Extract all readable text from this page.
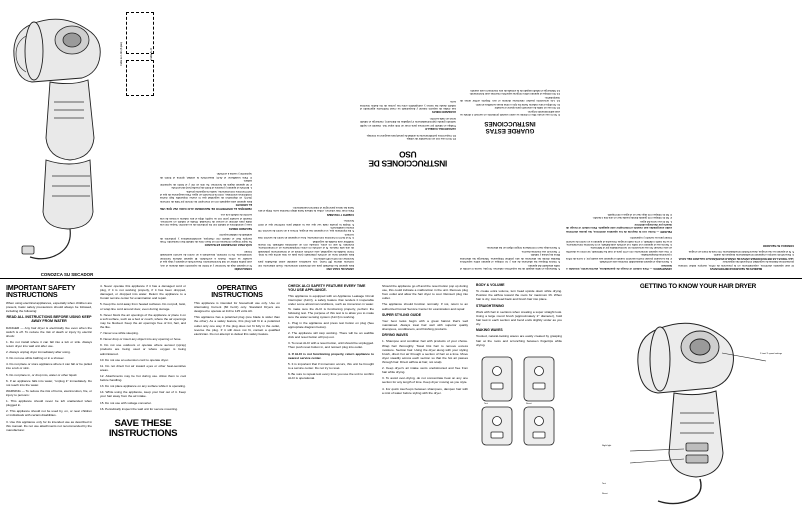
Cable de 1.8m (6 pies)	Cable ALCI
CONCLUSIÓN
Si el aparato deja de funcionar y el botón de reposición salta durante el uso, esto podría indicar un mal funcionamiento. Desenchufe el aparato y deje que el secador se enfríe. Vuelva a enchufarlo. El aparato debería funcionar normalmente. De lo contrario, devuélvalo a un centro de servicio autorizado Conair.
GUÍA PARA UN PEINADO ESTILIZADO
Su mejor imagen comienza con un buen corte de cabello bien mantenido. Trate siempre bien el cabello con champús, acondicionadores y productos de acabado de calidad superior.
SECANDO ONDAS
Lave y acondicione el cabello con los productos de su elección. Seque con una toalla para eliminar el exceso de humedad. Divida el cabello en secciones. Usando el secador junto con su cepillo, dirija el aire caliente a través de una sección de cabello a la vez.
VERIFIQUE EL DISPOSITIVO DE SEGURIDAD ALCI CADA VEZ QUE USE EL APARATO
Este aparato está equipado con un interruptor de circuito por falla de corriente (ALCI), un dispositivo de seguridad que lo vuelve inoperable bajo ciertas condiciones anormales, como la inmersión en agua. Para asegurarse de que el ALCI funcione correctamente, realice la siguiente prueba.
1. Enchufe el aparato y presione el botón de prueba (test) del enchufe.
2. El aparato dejará de funcionar. Se oirá un clic y el botón de reposición saltará.
3. Para restablecer el ALCI, desenchufe la unidad, oprima el botón de reposición y vuelva a enchufar.
ANTES DE CADA USO
Este aparato fue diseñado para uso doméstico únicamente. Úselo solamente con corriente alterna (60 hertz). Los secadores estándar están diseñados para funcionar con 110 a 125 voltios CA.
Este aparato tiene un enchufe polarizado (una pata es más ancha que la otra). Como medida de seguridad, este enchufe entrará en el tomacorriente polarizado de una sola manera. Si el enchufe no entra completamente en el tomacorriente, inviértalo. Si aún no entra, consulte con un electricista calificado. No intente modificar esta medida de seguridad.
4. Si el ALCI no funciona correctamente, lleve el aparato al centro de servicio más cercano.
5. Es importante que, si el aparato cae al agua, lo lleve a un centro de servicio. No intente restablecerlo.
6. Repita la prueba cada vez que use la unidad para confirmar que el ALCI funcione.
CUERPO Y VOLUMEN
Para crear más volumen, voltee la cabeza hacia abajo mientras seca. Dirija el aire hacia las raíces para lograr el máximo levantamiento.
INSTRUCCIONES DE USO
15. No lo use con un convertidor de voltaje.
16. Inspeccione periódicamente la unidad de pared para asegurar su montaje.
ALISADO DEL CABELLO
Trabaje el cabello por secciones para crear un look súper liso. Usando un cepillo redondo grande (aproximadamente 2 pulgadas de diámetro), mantenga el cabello tenso en cada sección.
HACIENDO ONDAS
Las ondas de aspecto natural y despeinado se crean fácilmente agarrando el cabello desde las raíces y estrujándolo entre las yemas de los dedos mientras seca.
GUARDE ESTAS INSTRUCCIONES
9. No lo use al aire libre ni donde se estén usando productos en aerosol o donde se esté administrando oxígeno.
10. No use un cable de extensión para operar el secador.
11. No dirija el aire caliente hacia los ojos u otras áreas sensibles al calor.
12. Los accesorios pueden calentarse durante el uso. Déjelos enfriar antes de manipularlos.
13. No coloque el aparato sobre ninguna superficie mientras esté funcionando.
14. Mantenga el cabello alejado de la entrada de aire mientras lo esté usando.
5. Mantenga el cable alejado de las superficies calientes. No jale, tuerza ni enrolle el cable alrededor del aparato.
6. Nunca bloquee las aberturas de aire y no coloque el aparato sobre superficies blandas donde las aberturas de aire podrían bloquearse. Mantenga las aberturas libres de pelusa y cabello.
7. Nunca lo use mientras duerme.
8. Nunca deje caer ni introduzca ningún objeto en las aberturas.
ADVERTENCIA — Para reducir el riesgo de quemaduras, electrocución, incendio o lesiones:
1. Nunca deje el aparato desatendido mientras esté enchufado.
2. Es necesario prestar mucha atención cuando el aparato sea usado por, o cerca de niños o personas discapacitadas.
3. Use este aparato únicamente con el fin para el cual fue fabricado, tal como se describe en este manual. No use accesorios no recomendados por el fabricante.
4. Nunca use el aparato si el cable o el enchufe está dañado, si no funciona correctamente, si se ha caído o dañado, o si ha caído al agua. Devuelva el aparato a un centro de servicio Conair para su revisión y reparación.
PELIGRO — Como con la mayoría de los aparatos eléctricos, las piezas eléctricas están energizadas aun cuando el interruptor esté apagado. Para reducir el riesgo de muerte por descarga eléctrica:
1. No lo use cerca del agua.
2. No lo coloque ni lo guarde donde pueda caer en una tina o lavabo.
3. No lo coloque ni lo deje caer en el agua u otro líquido.
MEDIDAS DE SEGURIDAD IMPORTANTES
Al usar aparatos eléctricos, especialmente en la presencia de niños, siempre deben tomarse precauciones básicas de seguridad, incluyendo las siguientes:
LEA TODAS LAS INSTRUCCIONES ANTES DE USARLO MANTÉNGALO ALEJADO DEL AGUA
4. Desenchufe siempre el aparato inmediatamente después de usarlo.
5. Si el aparato se cae al agua, desenchúfelo inmediatamente. No meta la mano en el agua.
CONOZCA SU SECADOR
IMPORTANT SAFETY INSTRUCTIONS

When using electrical appliances, especially when children are present, basic safety precautions should always be followed, including the following:

READ ALL INSTRUCTIONS BEFORE USING KEEP AWAY FROM WATER

DANGER — Any hair dryer is electrically live even when the switch is off. To reduce the risk of death or injury by electric shock:

1. Do not install where it can fall into a tub or sink. Always return dryer into wall unit after use.

2. Always unplug dryer immediately after using.

3. Do not use while bathing or in a shower.

4. Do not place or store appliance where it can fall or be pulled into a tub or sink.

5. Do not place in, or drop into, water or other liquid.

6. If an appliance falls into water, "unplug it" immediately. Do not reach into the water.

WARNING — To reduce the risk of burns, electrocution, fire, or injury to persons:

1. This appliance should never be left unattended when plugged in.

2. This appliance should not be used by, on, or near children or individuals with certain disabilities.

3. Use this appliance only for its intended use as described in this manual. Do not use attachments not recommended by the manufacturer.

4. Never operate this appliance if it has a damaged cord or plug, if it is not working properly, if it has been dropped, damaged, or dropped into water. Return the appliance to a Conair service center for examination and repair.

5. Keep the cord away from heated surfaces. Do not pull, twist, or wrap line cord around door, even during storage.

6. Never block the air openings of the appliance or place it on a soft surface, such as a bed or couch, where the air openings may be blocked. Keep the air openings free of lint, hair, and the like.

7. Never use while sleeping.

8. Never drop or insert any object into any opening or hose.

9. Do not use outdoors or operate where aerosol (spray) products are being used or where oxygen is being administered.

10. Do not use an extension cord to operate dryer.

11. Do not direct hot air toward eyes or other heat-sensitive areas.

12. Attachments may be hot during use. Allow them to cool before handling.

13. Do not place appliance on any surface while it is operating.

14. While using the appliance, keep your hair out of it. Keep your hair away from the air intake.

15. Do not use with voltage converter.

16. Periodically inspect the wall unit for secure mounting.

SAVE THESE INSTRUCTIONS
OPERATING INSTRUCTIONS

This appliance is intended for household use only. Use on Alternating Current (60 hertz) only. Standard Dryers are designed to operate at 110 to 125 volts AC.

This appliance has a polarized plug (one blade is wider than the other). As a safety feature, this plug will fit in a polarized outlet only one way. If the plug does not fit fully in the outlet, reverse the plug. If it still does not fit, contact a qualified electrician. Do not attempt to defeat this safety feature.

CHECK ALCI SAFETY FEATURE EVERY TIME YOU USE APPLIANCE.

This appliance is equipped with an Appliance Leakage Circuit Interrupter (ALCI), a safety feature that renders it inoperable under some abnormal conditions, such as immersion in water. To make sure the ALCI is functioning properly, perform the following test. The purpose of this test is to allow you to make sure the water sensing system (ALCI) is working.

1. Plug in the appliance and press test button on plug (See appropriate diagram below).

2. The appliance will stop working. There will be an audible click and reset button will pop out.

3. To reset ALCI with a reset button, until should be unplugged. Then push reset button in, and reinsert plug into outlet.

4. If ALCI is not functioning properly, return appliance to nearest service center.

5. It is important that if immersion occurs, this unit be brought to a service center. Do not try to reset.

6. Be sure to repeat test every time you use the unit to confirm ALCI is operational.

Should the appliance go off and the reset button pop up during use, this could indicate a malfunction in the unit. Remove plug from outlet and allow the hair dryer to cool. Reinsert plug into outlet.

The appliance should function normally. If not, return to an authorized Conair Service Center for examination and repair.

SUPER STYLING GUIDE

Your best looks begin with a great haircut that's well maintained. Always treat hair well with superior quality shampoos, conditioners, and finishing products.

DRYING WAVES

1. Shampoo and condition hair with products of your choice. Wrap hair thoroughly. Towel blot hair to remove excess moisture. Section hair. Using the dryer along with your styling brush, direct hot air through a section of hair at a time. Move dryer steadily across each section so that the hot air passes through hair. Direct airflow at hair, not scalp.

2. Keep dryer's air intake vents unobstructed and free from hair while drying.

3. To avoid over-drying, do not concentrate heat on any one section for any length of time. Keep dryer moving as you style.

4. For quick touch-ups between shampoos, dampen hair with a mist of water before styling with the dryer.

BODY & VOLUME

To create extra volume, turn head upside down while drying. Position the airflow toward the roots for maximum lift. When hair is dry, toss head back and brush hair into place.

STRAIGHTENING

Work with hair in sections when creating a super straight look. Using a large round brush (approximately 2" diameter), hold hair taut in each section and bend ends slightly under as you dry.

MAKING WAVES

Tousled, natural-looking waves are easily created by grasping hair at the roots and scrunching between fingertips while drying.

Test	Reset
GETTING TO KNOW YOUR HAIR DRYER
Night light
2 heat/ 2 speed settings
Test
Reset
CONOZCA SU SECADOR
